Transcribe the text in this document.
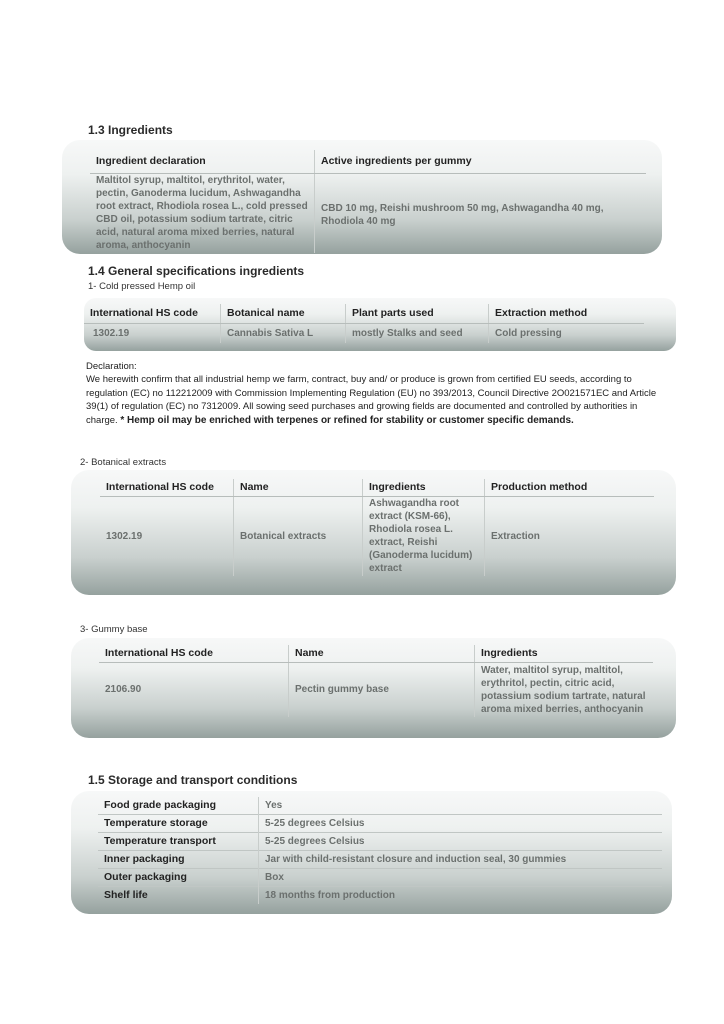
1.3 Ingredients
Ingredient declaration	Active ingredients per gummy
Maltitol syrup, maltitol, erythritol, water, pectin, Ganoderma lucidum, Ashwagandha root extract, Rhodiola rosea L., cold pressed CBD oil, potassium sodium tartrate, citric acid, natural aroma mixed berries, natural aroma, anthocyanin	CBD 10 mg, Reishi mushroom 50 mg, Ashwagandha 40 mg, Rhodiola 40 mg
1.4 General specifications ingredients
1- Cold pressed Hemp oil
International HS code	Botanical name	Plant parts used	Extraction method
1302.19	Cannabis Sativa L	mostly Stalks and seed	Cold pressing
Declaration:
We herewith confirm that all industrial hemp we farm, contract, buy and/ or produce is grown from certified EU seeds, according to regulation (EC) no 112212009 with Commission Implementing Regulation (EU) no 393/2013, Council Directive 2O021571EC and Article 39(1) of regulation (EC) no 7312009. All sowing seed purchases and growing fields are documented and controlled by authorities in charge. * Hemp oil may be enriched with terpenes or refined for stability or customer specific demands.
2- Botanical extracts
International HS code	Name	Ingredients	Production method
1302.19	Botanical extracts	Ashwagandha root extract (KSM-66), Rhodiola rosea L. extract, Reishi (Ganoderma lucidum) extract	Extraction
3- Gummy base
International HS code	Name	Ingredients
2106.90	Pectin gummy base	Water, maltitol syrup, maltitol, erythritol, pectin, citric acid, potassium sodium tartrate, natural aroma mixed berries, anthocyanin
1.5 Storage and transport conditions
Food grade packaging	Yes
Temperature storage	5-25 degrees Celsius
Temperature transport	5-25 degrees Celsius
Inner packaging	Jar with child-resistant closure and induction seal, 30 gummies
Outer packaging	Box
Shelf life	18 months from production
